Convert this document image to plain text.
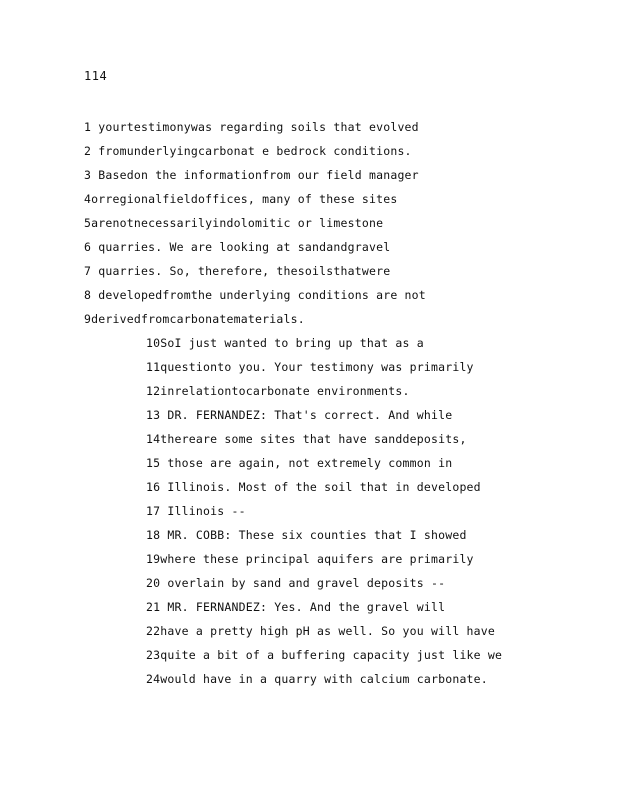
114
1 yourtestimonywas regarding soils that evolved
2 fromunderlyingcarbonat e bedrock conditions.
3 Basedon the informationfrom our field manager
4orregionalfieldoffices, many of these sites
5arenotnecessarilyindolomitic or limestone
6 quarries. We are looking at sandandgravel
7 quarries. So, therefore, thesoilsthatwere
8 developedfromthe underlying conditions are not
9derivedfromcarbonatematerials.
10SoI just wanted to bring up that as a
11questionto you. Your testimony was primarily
12inrelationtocarbonate environments.
13 DR. FERNANDEZ: That's correct. And while
14thereare some sites that have sanddeposits,
15 those are again, not extremely common in
16 Illinois. Most of the soil that in developed
17 Illinois --
18 MR. COBB: These six counties that I showed
19where these principal aquifers are primarily
20 overlain by sand and gravel deposits --
21 MR. FERNANDEZ: Yes. And the gravel will
22have a pretty high pH as well. So you will have
23quite a bit of a buffering capacity just like we
24would have in a quarry with calcium carbonate.
